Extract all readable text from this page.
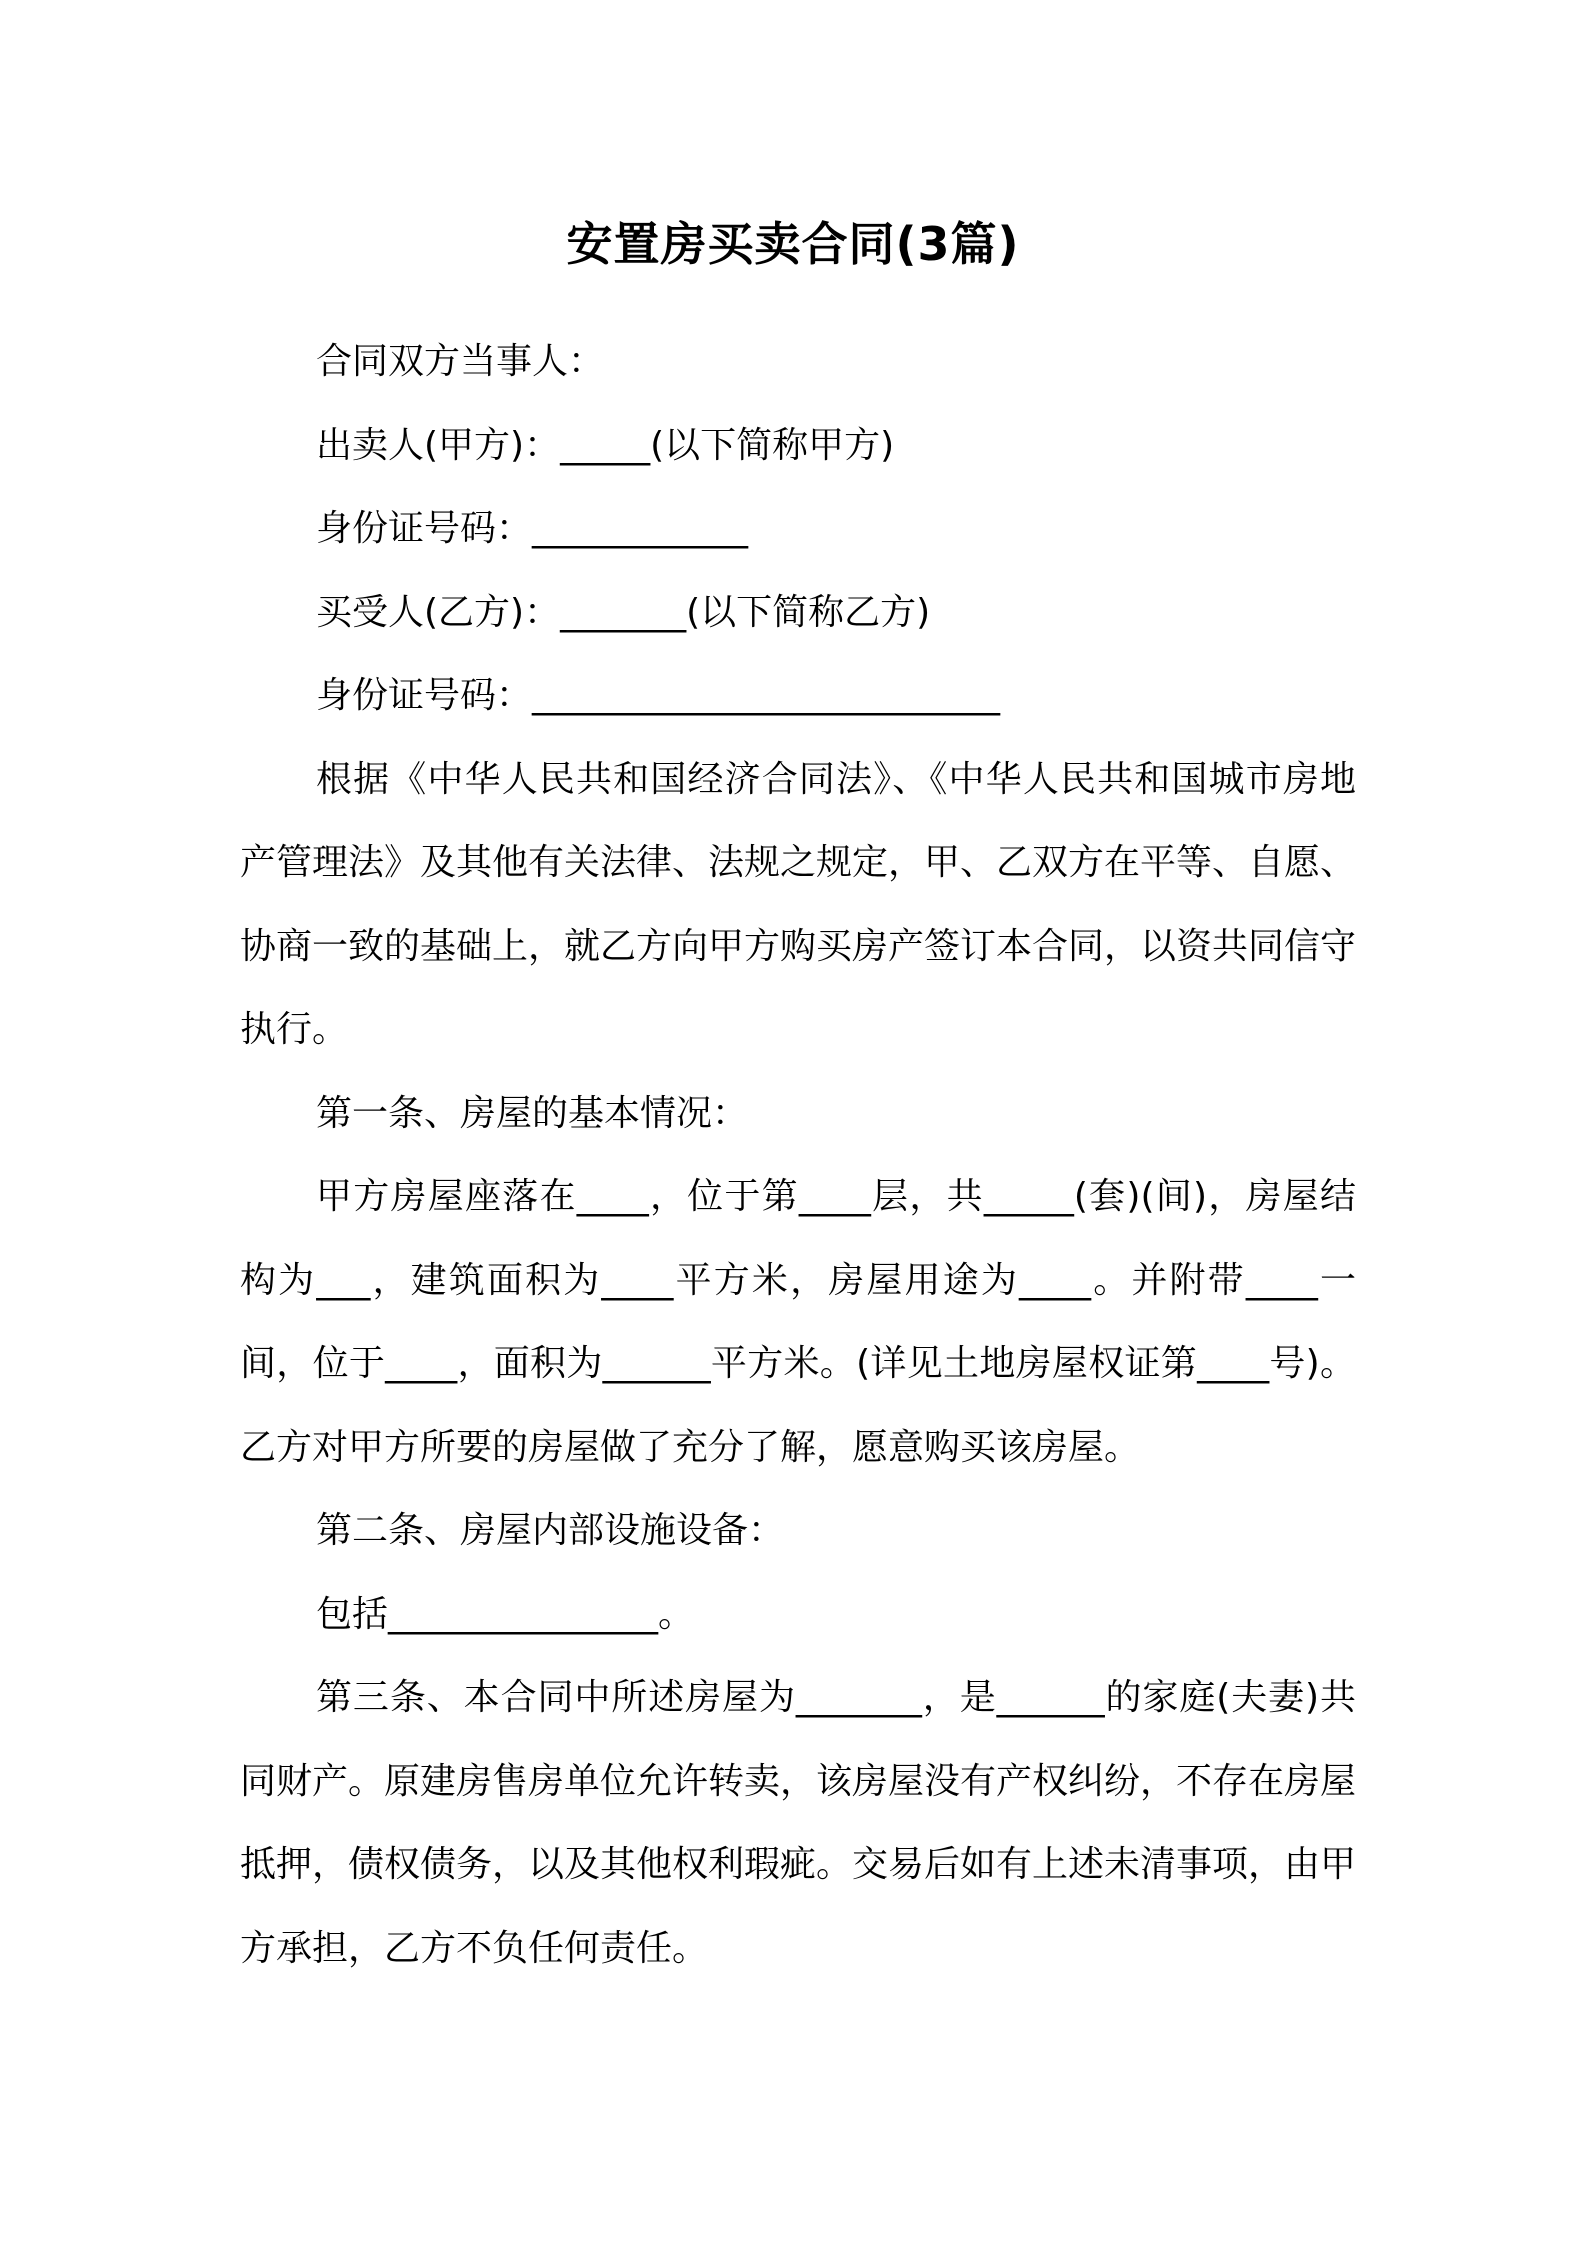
安置房买卖合同(3篇)

合同双方当事人：

出卖人(甲方)：_____(以下简称甲方)

身份证号码：____________

买受人(乙方)：_______(以下简称乙方)

身份证号码：__________________________

根据《中华人民共和国经济合同法》、《中华人民共和国城市房地产管理法》及其他有关法律、法规之规定，甲、乙双方在平等、自愿、协商一致的基础上，就乙方向甲方购买房产签订本合同，以资共同信守执行。

第一条、房屋的基本情况：

甲方房屋座落在____，位于第____层，共_____(套)(间)，房屋结构为___，建筑面积为____平方米，房屋用途为____。并附带____一间，位于____，面积为______平方米。(详见土地房屋权证第____号)。乙方对甲方所要的房屋做了充分了解，愿意购买该房屋。

第二条、房屋内部设施设备：

包括_______________。

第三条、本合同中所述房屋为_______，是______的家庭(夫妻)共同财产。原建房售房单位允许转卖，该房屋没有产权纠纷，不存在房屋抵押，债权债务，以及其他权利瑕疵。交易后如有上述未清事项，由甲方承担，乙方不负任何责任。
